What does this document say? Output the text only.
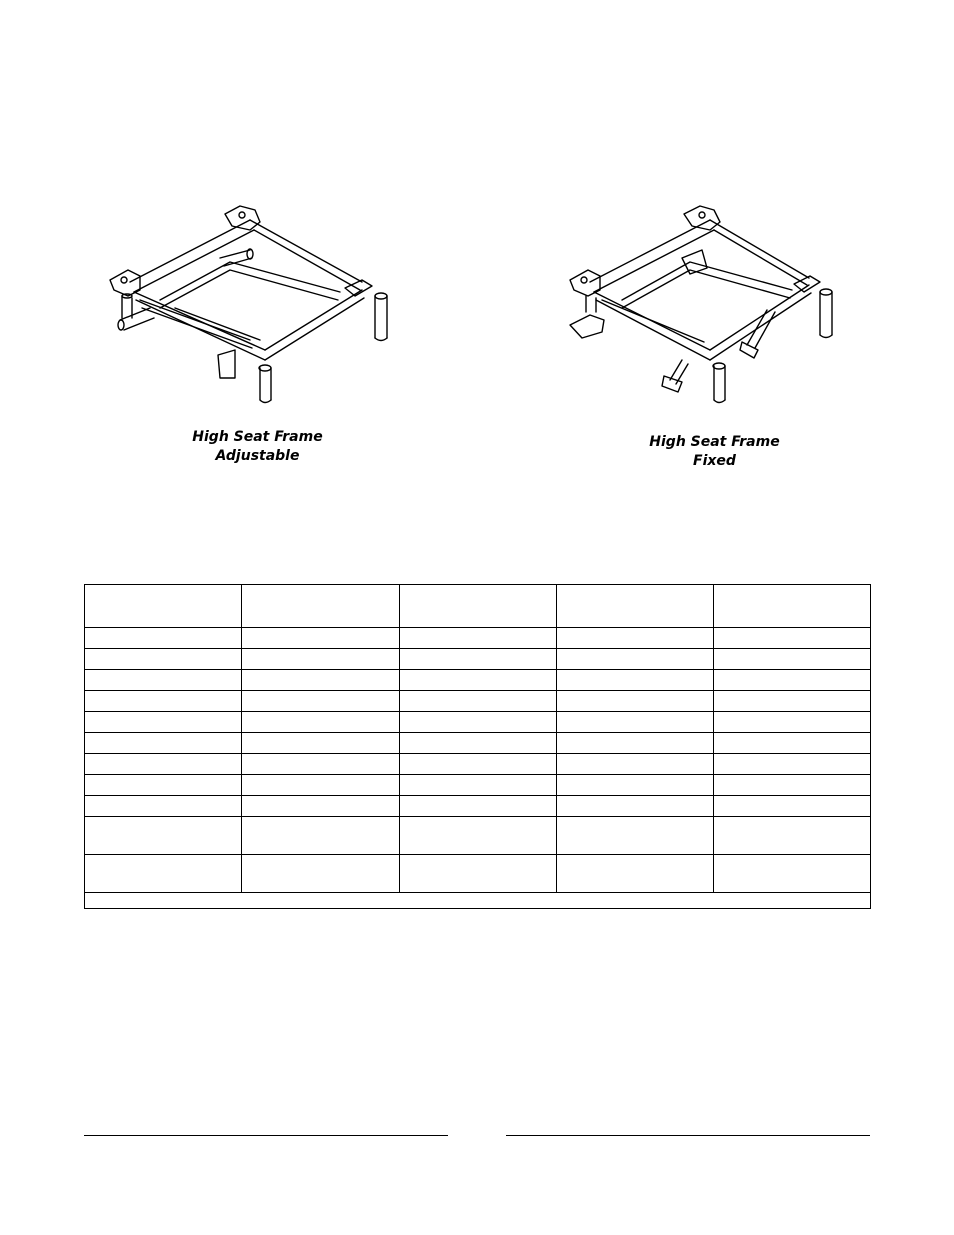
High Seat Frame
Adjustable
High Seat Frame
Fixed
